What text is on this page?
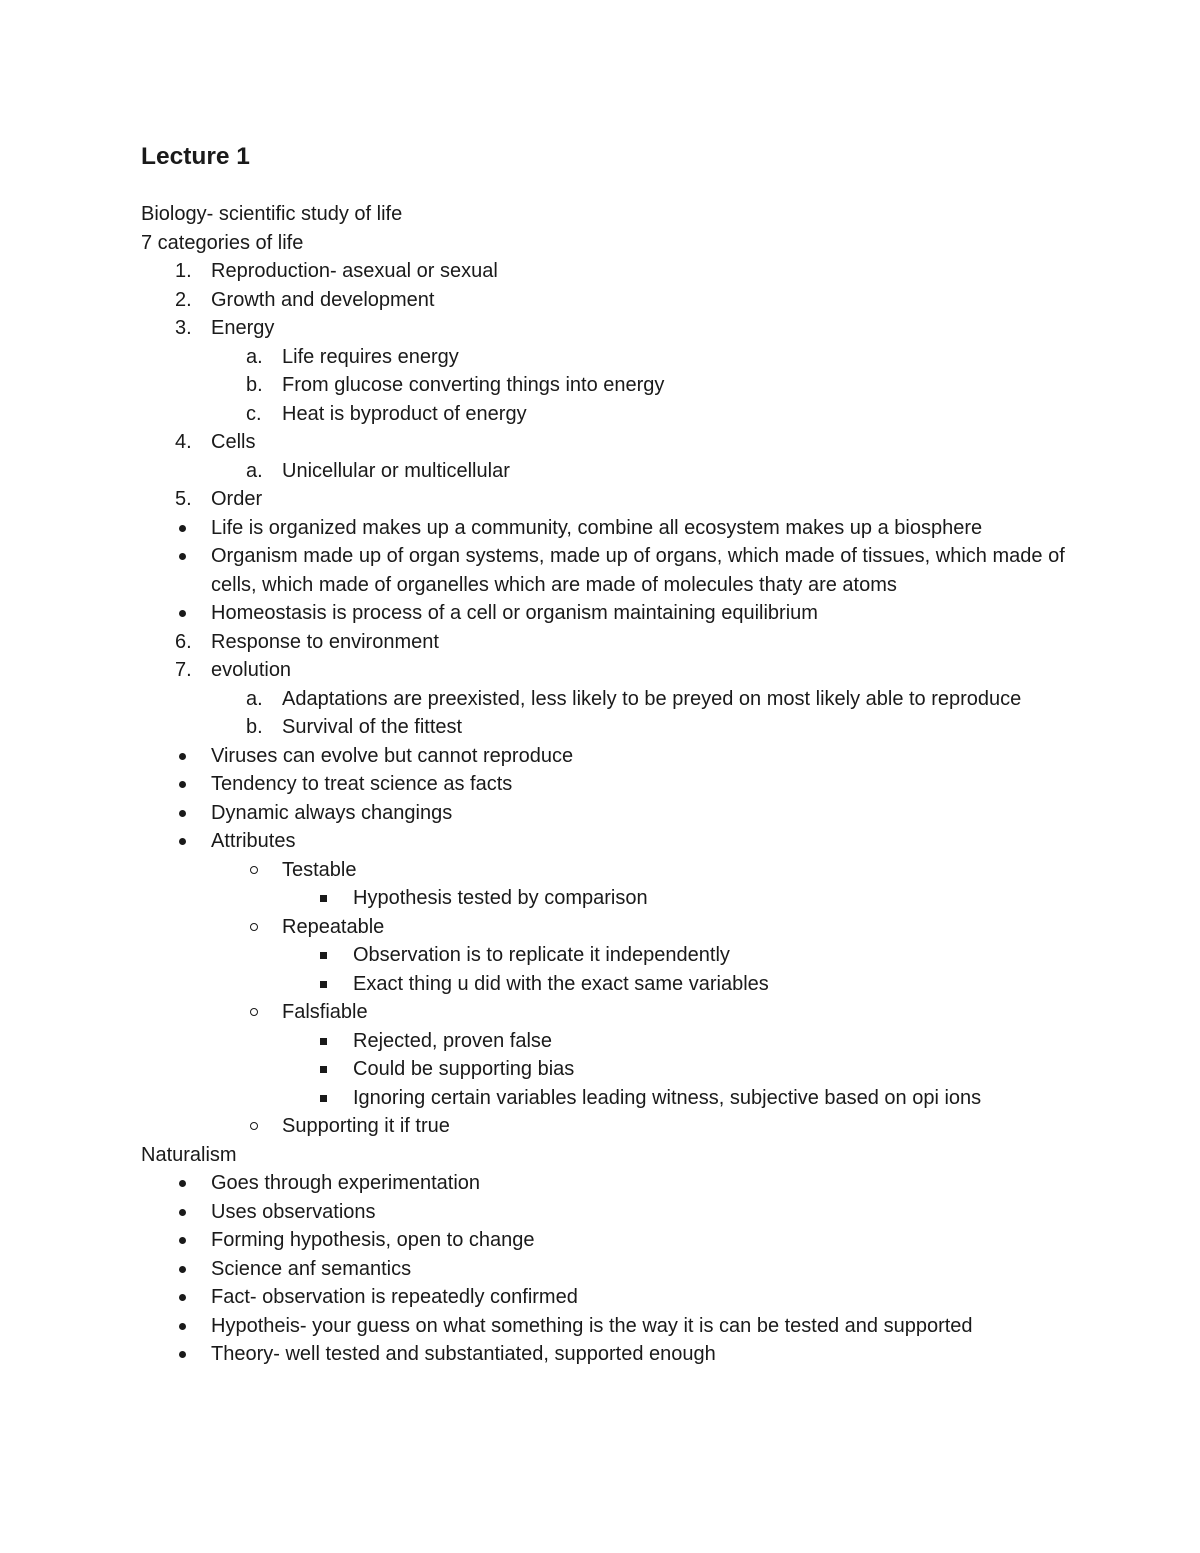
Lecture 1
Biology- scientific study of life
7 categories of life
1. Reproduction- asexual or sexual
2. Growth and development
3. Energy
a. Life requires energy
b. From glucose converting things into energy
c. Heat is byproduct of energy
4. Cells
a. Unicellular or multicellular
5. Order
Life is organized makes up a community, combine all ecosystem makes up a biosphere
Organism made up of organ systems, made up of organs, which made of tissues, which made of cells, which made of organelles which are made of molecules thaty are atoms
Homeostasis is process of a cell or organism maintaining equilibrium
6. Response to environment
7. evolution
a. Adaptations are preexisted, less likely to be preyed on most likely able to reproduce
b. Survival of the fittest
Viruses can evolve but cannot reproduce
Tendency to treat science as facts
Dynamic always changings
Attributes
Testable
Hypothesis tested by comparison
Repeatable
Observation is to replicate it independently
Exact thing u did with the exact same variables
Falsfiable
Rejected, proven false
Could be supporting bias
Ignoring certain variables leading witness, subjective based on opi ions
Supporting it if true
Naturalism
Goes through experimentation
Uses observations
Forming hypothesis, open to change
Science anf semantics
Fact- observation is repeatedly confirmed
Hypotheis- your guess on what something is the way it is can be tested and supported
Theory- well tested and substantiated, supported enough
